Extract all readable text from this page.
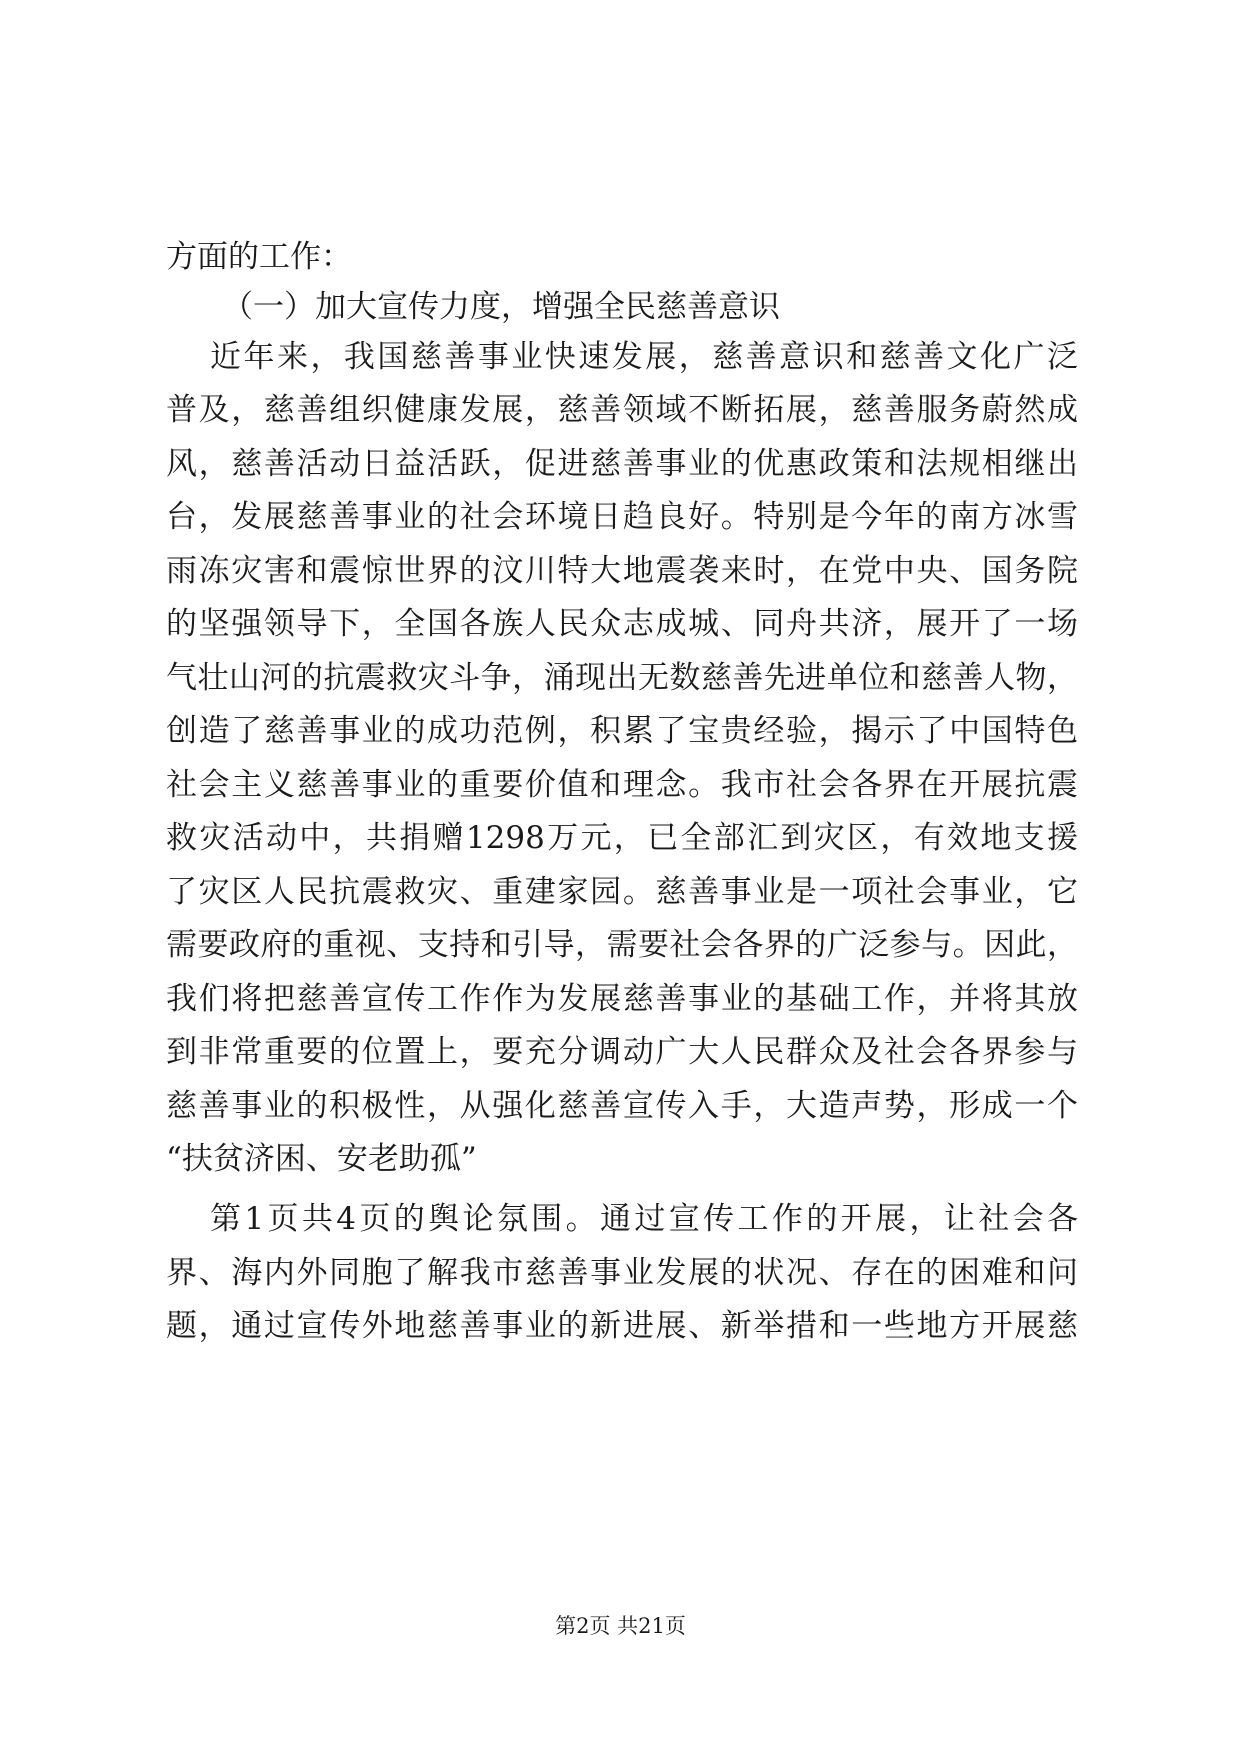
方面的工作：
（一）加大宣传力度，增强全民慈善意识
近年来，我国慈善事业快速发展，慈善意识和慈善文化广泛
普及，慈善组织健康发展，慈善领域不断拓展，慈善服务蔚然成
风，慈善活动日益活跃，促进慈善事业的优惠政策和法规相继出
台，发展慈善事业的社会环境日趋良好。特别是今年的南方冰雪
雨冻灾害和震惊世界的汶川特大地震袭来时，在党中央、国务院
的坚强领导下，全国各族人民众志成城、同舟共济，展开了一场
气壮山河的抗震救灾斗争，涌现出无数慈善先进单位和慈善人物，
创造了慈善事业的成功范例，积累了宝贵经验，揭示了中国特色
社会主义慈善事业的重要价值和理念。我市社会各界在开展抗震
救灾活动中，共捐赠1298万元，已全部汇到灾区，有效地支援
了灾区人民抗震救灾、重建家园。慈善事业是一项社会事业，它
需要政府的重视、支持和引导，需要社会各界的广泛参与。因此，
我们将把慈善宣传工作作为发展慈善事业的基础工作，并将其放
到非常重要的位置上，要充分调动广大人民群众及社会各界参与
慈善事业的积极性，从强化慈善宣传入手，大造声势，形成一个
“扶贫济困、安老助孤”
第1页共4页的舆论氛围。通过宣传工作的开展，让社会各
界、海内外同胞了解我市慈善事业发展的状况、存在的困难和问
题，通过宣传外地慈善事业的新进展、新举措和一些地方开展慈
第2页 共21页
